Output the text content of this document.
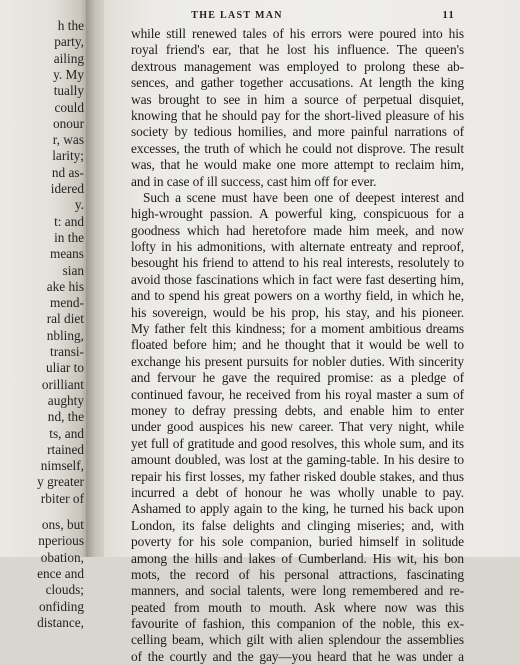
h the
party,
ailing
y. My
tually
could
onour
r, was
larity;
nd as-
idered
y.
t: and
in the
means
sian
ake his
mend-
ral diet
nbling,
transi-
uliar to
orilliant
aughty
nd, the
ts, and
rtained
nimself,
y greater
rbiter of
ons, but
nperious
obation,
ence and
clouds;
onfiding
distance,
THE LAST MAN	11
while still renewed tales of his errors were poured into his
royal friend's ear, that he lost his influence. The queen's
dextrous management was employed to prolong these ab-
sences, and gather together accusations. At length the king
was brought to see in him a source of perpetual disquiet,
knowing that he should pay for the short-lived pleasure of his
society by tedious homilies, and more painful narrations of
excesses, the truth of which he could not disprove. The result
was, that he would make one more attempt to reclaim him,
and in case of ill success, cast him off for ever.
Such a scene must have been one of deepest interest and
high-wrought passion. A powerful king, conspicuous for a
goodness which had heretofore made him meek, and now
lofty in his admonitions, with alternate entreaty and reproof,
besought his friend to attend to his real interests, resolutely to
avoid those fascinations which in fact were fast deserting him,
and to spend his great powers on a worthy field, in which he,
his sovereign, would be his prop, his stay, and his pioneer.
My father felt this kindness; for a moment ambitious dreams
floated before him; and he thought that it would be well to
exchange his present pursuits for nobler duties. With sincerity
and fervour he gave the required promise: as a pledge of
continued favour, he received from his royal master a sum of
money to defray pressing debts, and enable him to enter
under good auspices his new career. That very night, while
yet full of gratitude and good resolves, this whole sum, and its
amount doubled, was lost at the gaming-table. In his desire to
repair his first losses, my father risked double stakes, and thus
incurred a debt of honour he was wholly unable to pay.
Ashamed to apply again to the king, he turned his back upon
London, its false delights and clinging miseries; and, with
poverty for his sole companion, buried himself in solitude
among the hills and lakes of Cumberland. His wit, his bon
mots, the record of his personal attractions, fascinating
manners, and social talents, were long remembered and re-
peated from mouth to mouth. Ask where now was this
favourite of fashion, this companion of the noble, this ex-
celling beam, which gilt with alien splendour the assemblies
of the courtly and the gay—you heard that he was under a
